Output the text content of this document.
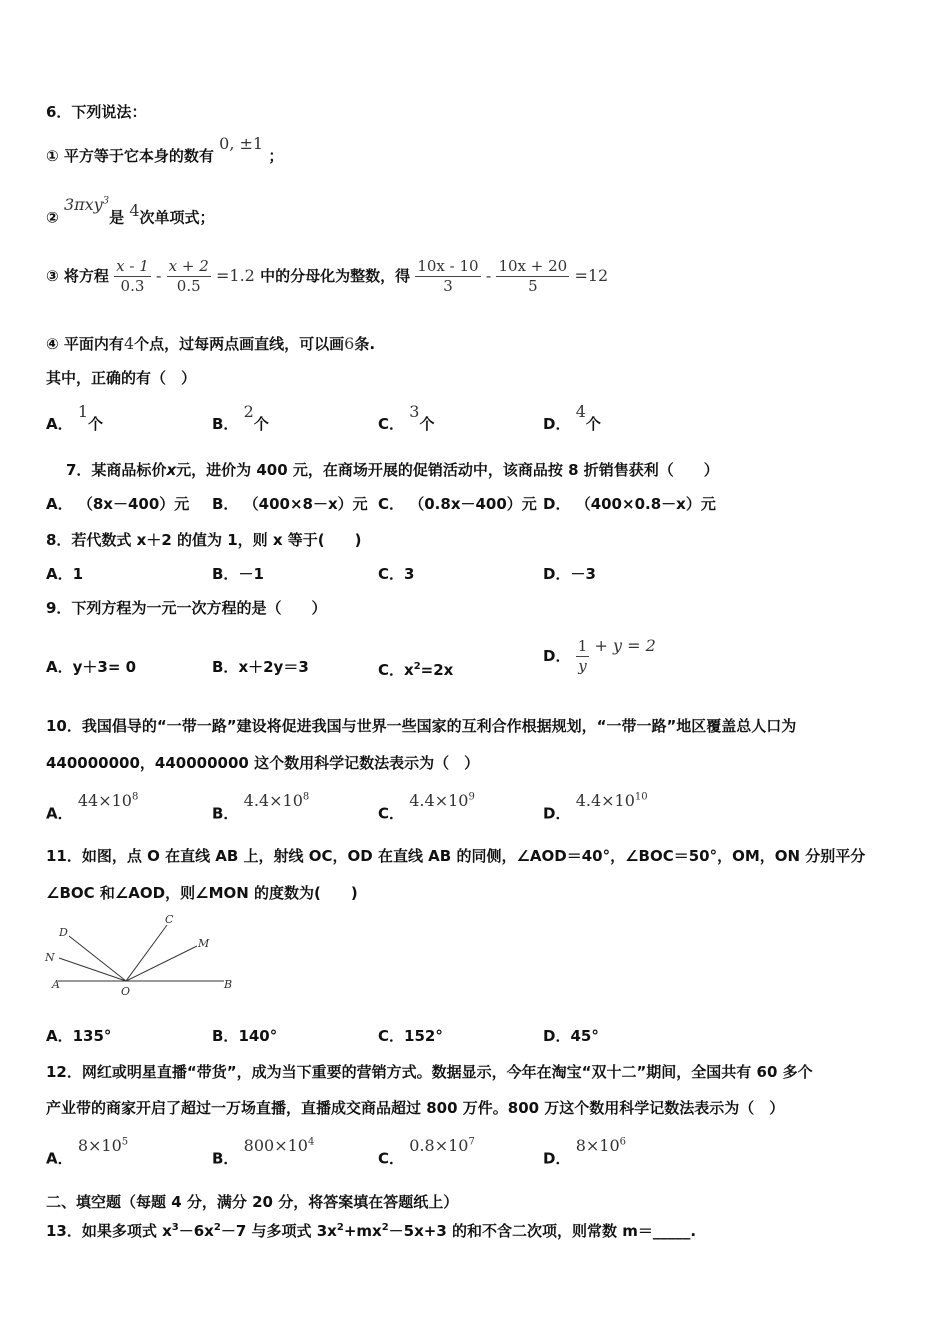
6．下列说法：
① 平方等于它本身的数有 0, ±1 ；
② 3πxy$^3$是 4次单项式；
③ 将方程 $\frac{x - 1}{0.3} - \frac{x + 2}{0.5} =1.2$ 中的分母化为整数，得 $\frac{10x - 10}{3} - \frac{10x + 20}{5} =12$
④ 平面内有4个点，过每两点画直线，可以画6条.
其中，正确的有（　）
A． 1个	B． 2个	C． 3个	D． 4个
7．某商品标价x元，进价为 400 元，在商场开展的促销活动中，该商品按 8 折销售获利（　　）
A． （8x－400）元 B． （400×8－x）元 C． （0.8x－400）元 D． （400×0.8－x）元
8．若代数式 x＋2 的值为 1，则 x 等于(　　)
A．1	B．－1	C．3	D．－3
9．下列方程为一元一次方程的是（　　）
A．y＋3= 0	B．x＋2y＝3	C．$x^2=2x$
D． $\frac{1}{y} + y = 2$
10．我国倡导的“一带一路”建设将促进我国与世界一些国家的互利合作根据规划，“一带一路”地区覆盖总人口为
440000000，440000000 这个数用科学记数法表示为（　）
A． $44\times 10^8$
B． $4.4\times 10^8$
C． $4.4\times 10^9$
D． $4.4\times 10^{10}$
11．如图，点 O 在直线 AB 上，射线 OC，OD 在直线 AB 的同侧，∠AOD＝40°，∠BOC＝50°，OM，ON 分别平分
∠BOC 和∠AOD，则∠MON 的度数为(　　)
D
C
M
N
A
O
B
A．135°	B．140°	C．152°	D．45°
12．网红或明星直播“带货”，成为当下重要的营销方式。数据显示，今年在淘宝“双十二”期间，全国共有 60 多个
产业带的商家开启了超过一万场直播，直播成交商品超过 800 万件。800 万这个数用科学记数法表示为（　）
A． $8\times 10^5$
B． $800\times 10^4$
C． $0.8\times 10^7$
D． $8\times 10^6$
二、填空题（每题 4 分，满分 20 分，将答案填在答题纸上）
13．如果多项式 $x^3-6x^2-7$ 与多项式 $3x^2+mx^2-5x+3$ 的和不含二次项，则常数 m＝_____.
